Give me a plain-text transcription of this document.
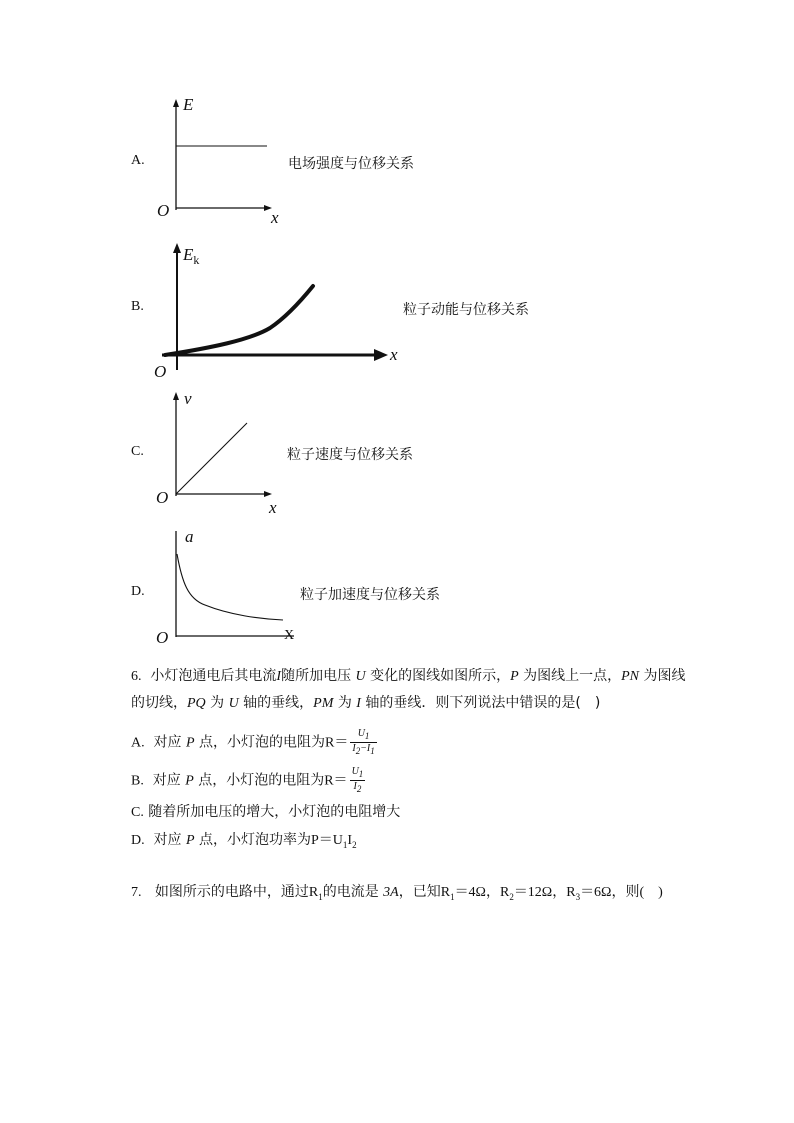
A.
E
x
O
电场强度与位移关系
B.
$E_k$
x
O
粒子动能与位移关系
C.
v
x
O
粒子速度与位移关系
D.
a
X
O
粒子加速度与位移关系
6. 小灯泡通电后其电流I随所加电压 U 变化的图线如图所示，P 为图线上一点，PN 为图线
的切线，PQ 为 U 轴的垂线，PM 为 I 轴的垂线．则下列说法中错误的是(　)
A. 对应 P 点，小灯泡的电阻为$R= \frac{U_1}{I_2-I_1}$
B. 对应 P 点，小灯泡的电阻为$R= \frac{U_1}{I_2}$
C. 随着所加电压的增大，小灯泡的电阻增大
D. 对应 P 点，小灯泡功率为$P=U_1I_2$
7. 如图所示的电路中，通过$R_1$的电流是 3A，已知$R_1=4\Omega$，$R_2=12\Omega$，$R_3=6\Omega$，则(　)
